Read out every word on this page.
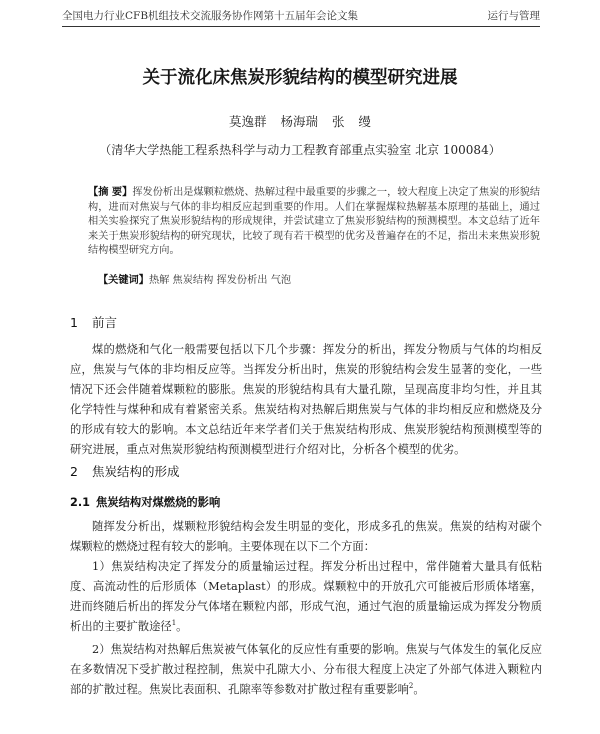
全国电力行业CFB机组技术交流服务协作网第十五届年会论文集	运行与管理
关于流化床焦炭形貌结构的模型研究进展
莫逸群 杨海瑞 张 缦
（清华大学热能工程系热科学与动力工程教育部重点实验室 北京 100084）
【摘 要】挥发份析出是煤颗粒燃烧、热解过程中最重要的步骤之一，较大程度上决定了焦炭的形貌结构，进而对焦炭与气体的非均相反应起到重要的作用。人们在掌握煤粒热解基本原理的基础上，通过相关实验探究了焦炭形貌结构的形成规律，并尝试建立了焦炭形貌结构的预测模型。本文总结了近年来关于焦炭形貌结构的研究现状，比较了现有若干模型的优劣及普遍存在的不足，指出未来焦炭形貌结构模型研究方向。
【关键词】热解 焦炭结构 挥发份析出 气泡
1 前言
煤的燃烧和气化一般需要包括以下几个步骤：挥发分的析出，挥发分物质与气体的均相反应，焦炭与气体的非均相反应等。当挥发分析出时，焦炭的形貌结构会发生显著的变化，一些情况下还会伴随着煤颗粒的膨胀。焦炭的形貌结构具有大量孔隙，呈现高度非均匀性，并且其化学特性与煤种和成有着紧密关系。焦炭结构对热解后期焦炭与气体的非均相反应和燃烧及分的形成有较大的影响。本文总结近年来学者们关于焦炭结构形成、焦炭形貌结构预测模型等的研究进展，重点对焦炭形貌结构预测模型进行介绍对比，分析各个模型的优劣。
2 焦炭结构的形成
2.1 焦炭结构对煤燃烧的影响
随挥发分析出，煤颗粒形貌结构会发生明显的变化，形成多孔的焦炭。焦炭的结构对碳个煤颗粒的燃烧过程有较大的影响。主要体现在以下二个方面：
1）焦炭结构决定了挥发分的质量输运过程。挥发分析出过程中，常伴随着大量具有低粘度、高流动性的后形质体（Metaplast）的形成。煤颗粒中的开放孔穴可能被后形质体堵塞，进而终随后析出的挥发分气体堵在颗粒内部，形成气泡，通过气泡的质量输运成为挥发分物质析出的主要扩散途径$^1$。
2）焦炭结构对热解后焦炭被气体氧化的反应性有重要的影响。焦炭与气体发生的氧化反应在多数情况下受扩散过程控制，焦炭中孔隙大小、分布很大程度上决定了外部气体进入颗粒内部的扩散过程。焦炭比表面积、孔隙率等参数对扩散过程有重要影响$^2$。
